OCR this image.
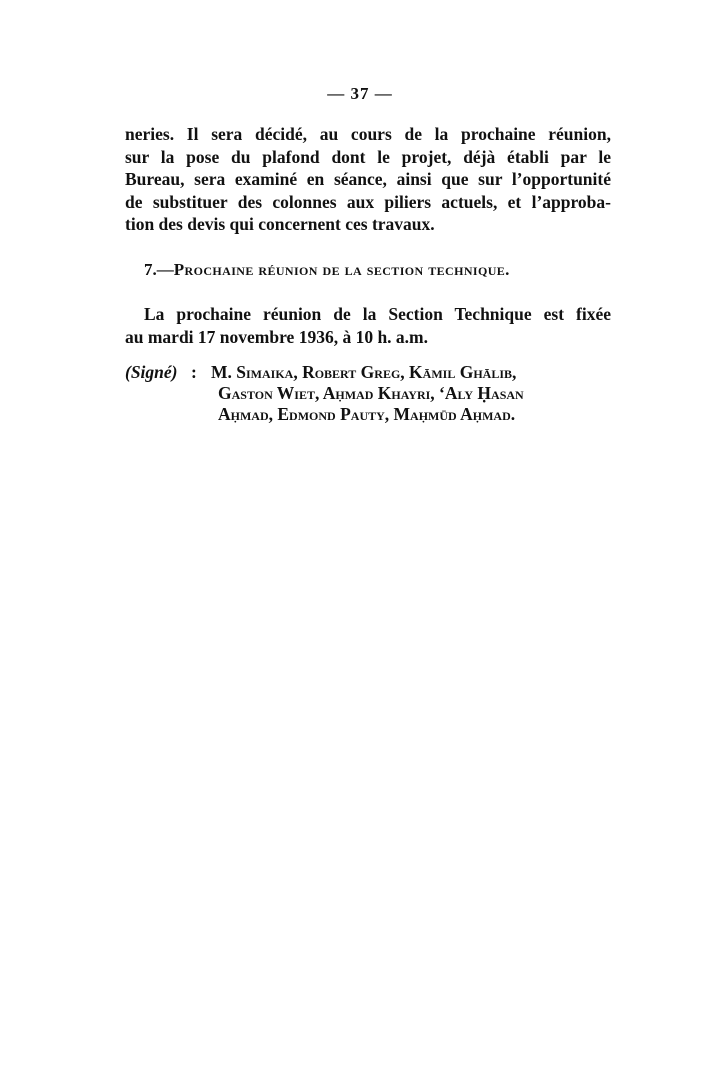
— 37 —
neries. Il sera décidé, au cours de la prochaine réunion,
sur la pose du plafond dont le projet, déjà établi par le
Bureau, sera examiné en séance, ainsi que sur l’opportunité
de substituer des colonnes aux piliers actuels, et l’approba-
tion des devis qui concernent ces travaux.
7.—Prochaine réunion de la section technique.
La prochaine réunion de la Section Technique est fixée
au mardi 17 novembre 1936, à 10 h. a.m.
(Signé) : M. Simaika, Robert Greg, Kāmil Ghālib,
Gaston Wiet, Aḥmad Khayri, ‘Aly Ḥasan
Aḥmad, Edmond Pauty, Maḥmūd Aḥmad.
